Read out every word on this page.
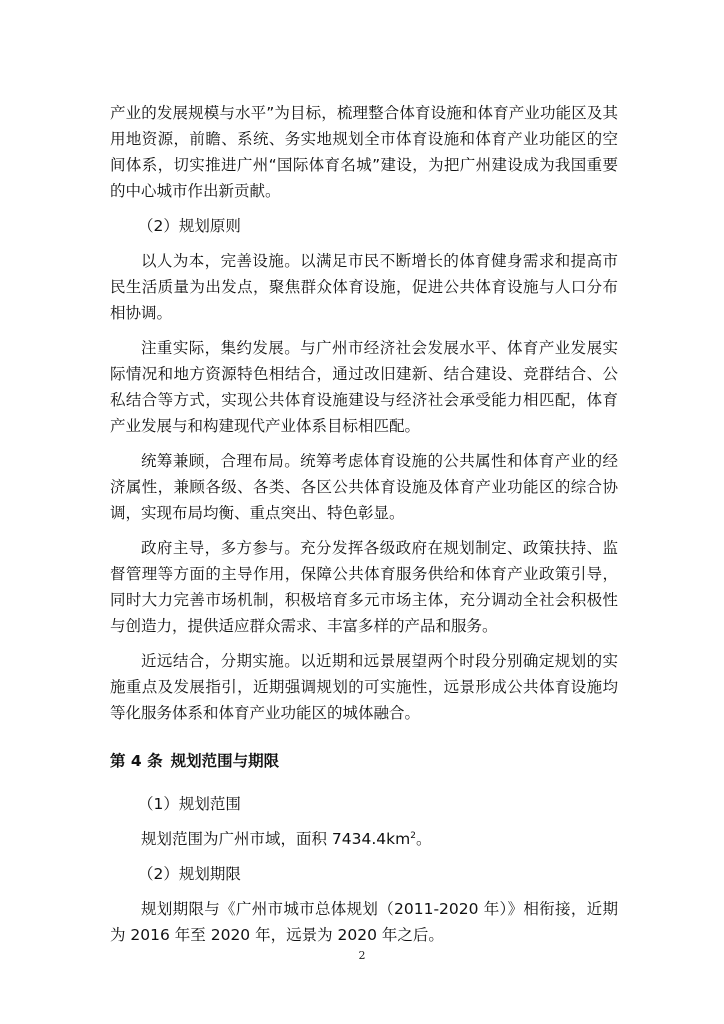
产业的发展规模与水平”为目标，梳理整合体育设施和体育产业功能区及其用地资源，前瞻、系统、务实地规划全市体育设施和体育产业功能区的空间体系，切实推进广州“国际体育名城”建设，为把广州建设成为我国重要的中心城市作出新贡献。

（2）规划原则

以人为本，完善设施。以满足市民不断增长的体育健身需求和提高市民生活质量为出发点，聚焦群众体育设施，促进公共体育设施与人口分布相协调。

注重实际，集约发展。与广州市经济社会发展水平、体育产业发展实际情况和地方资源特色相结合，通过改旧建新、结合建设、竞群结合、公私结合等方式，实现公共体育设施建设与经济社会承受能力相匹配，体育产业发展与和构建现代产业体系目标相匹配。

统筹兼顾，合理布局。统筹考虑体育设施的公共属性和体育产业的经济属性，兼顾各级、各类、各区公共体育设施及体育产业功能区的综合协调，实现布局均衡、重点突出、特色彰显。

政府主导，多方参与。充分发挥各级政府在规划制定、政策扶持、监督管理等方面的主导作用，保障公共体育服务供给和体育产业政策引导，同时大力完善市场机制，积极培育多元市场主体，充分调动全社会积极性与创造力，提供适应群众需求、丰富多样的产品和服务。

近远结合，分期实施。以近期和远景展望两个时段分别确定规划的实施重点及发展指引，近期强调规划的可实施性，远景形成公共体育设施均等化服务体系和体育产业功能区的城体融合。

第 4 条 规划范围与期限

（1）规划范围

规划范围为广州市域，面积 $7434.4km^2$。

（2）规划期限

规划期限与《广州市城市总体规划（2011-2020 年）》相衔接，近期为 2016 年至 2020 年，远景为 2020 年之后。

2
